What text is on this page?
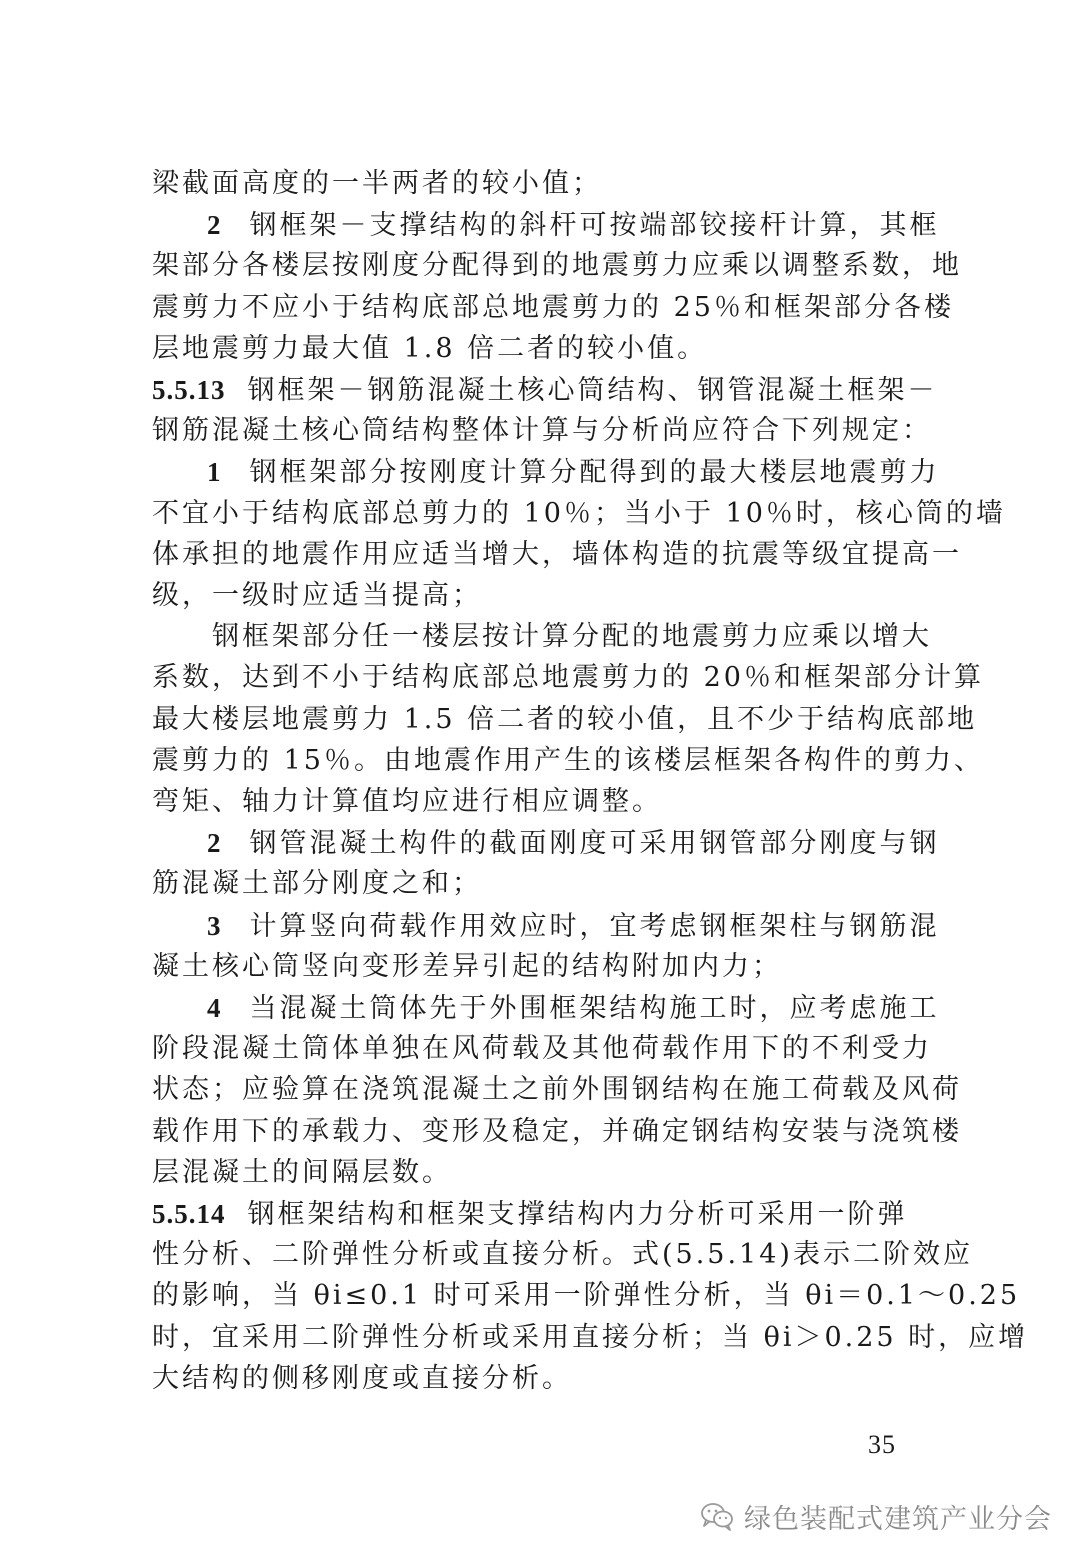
梁截面高度的一半两者的较小值；
2 钢框架－支撑结构的斜杆可按端部铰接杆计算，其框
架部分各楼层按刚度分配得到的地震剪力应乘以调整系数，地
震剪力不应小于结构底部总地震剪力的 25％和框架部分各楼
层地震剪力最大值 1.8 倍二者的较小值。
5.5.13 钢框架－钢筋混凝土核心筒结构、钢管混凝土框架－
钢筋混凝土核心筒结构整体计算与分析尚应符合下列规定：
1 钢框架部分按刚度计算分配得到的最大楼层地震剪力
不宜小于结构底部总剪力的 10％；当小于 10％时，核心筒的墙
体承担的地震作用应适当增大，墙体构造的抗震等级宜提高一
级，一级时应适当提高；
钢框架部分任一楼层按计算分配的地震剪力应乘以增大
系数，达到不小于结构底部总地震剪力的 20％和框架部分计算
最大楼层地震剪力 1.5 倍二者的较小值，且不少于结构底部地
震剪力的 15％。由地震作用产生的该楼层框架各构件的剪力、
弯矩、轴力计算值均应进行相应调整。
2 钢管混凝土构件的截面刚度可采用钢管部分刚度与钢
筋混凝土部分刚度之和；
3 计算竖向荷载作用效应时，宜考虑钢框架柱与钢筋混
凝土核心筒竖向变形差异引起的结构附加内力；
4 当混凝土筒体先于外围框架结构施工时，应考虑施工
阶段混凝土筒体单独在风荷载及其他荷载作用下的不利受力
状态；应验算在浇筑混凝土之前外围钢结构在施工荷载及风荷
载作用下的承载力、变形及稳定，并确定钢结构安装与浇筑楼
层混凝土的间隔层数。
5.5.14 钢框架结构和框架支撑结构内力分析可采用一阶弹
性分析、二阶弹性分析或直接分析。式(5.5.14)表示二阶效应
的影响，当 θi≤0.1 时可采用一阶弹性分析，当 θi＝0.1～0.25
时，宜采用二阶弹性分析或采用直接分析；当 θi＞0.25 时，应增
大结构的侧移刚度或直接分析。
35
绿色装配式建筑产业分会
